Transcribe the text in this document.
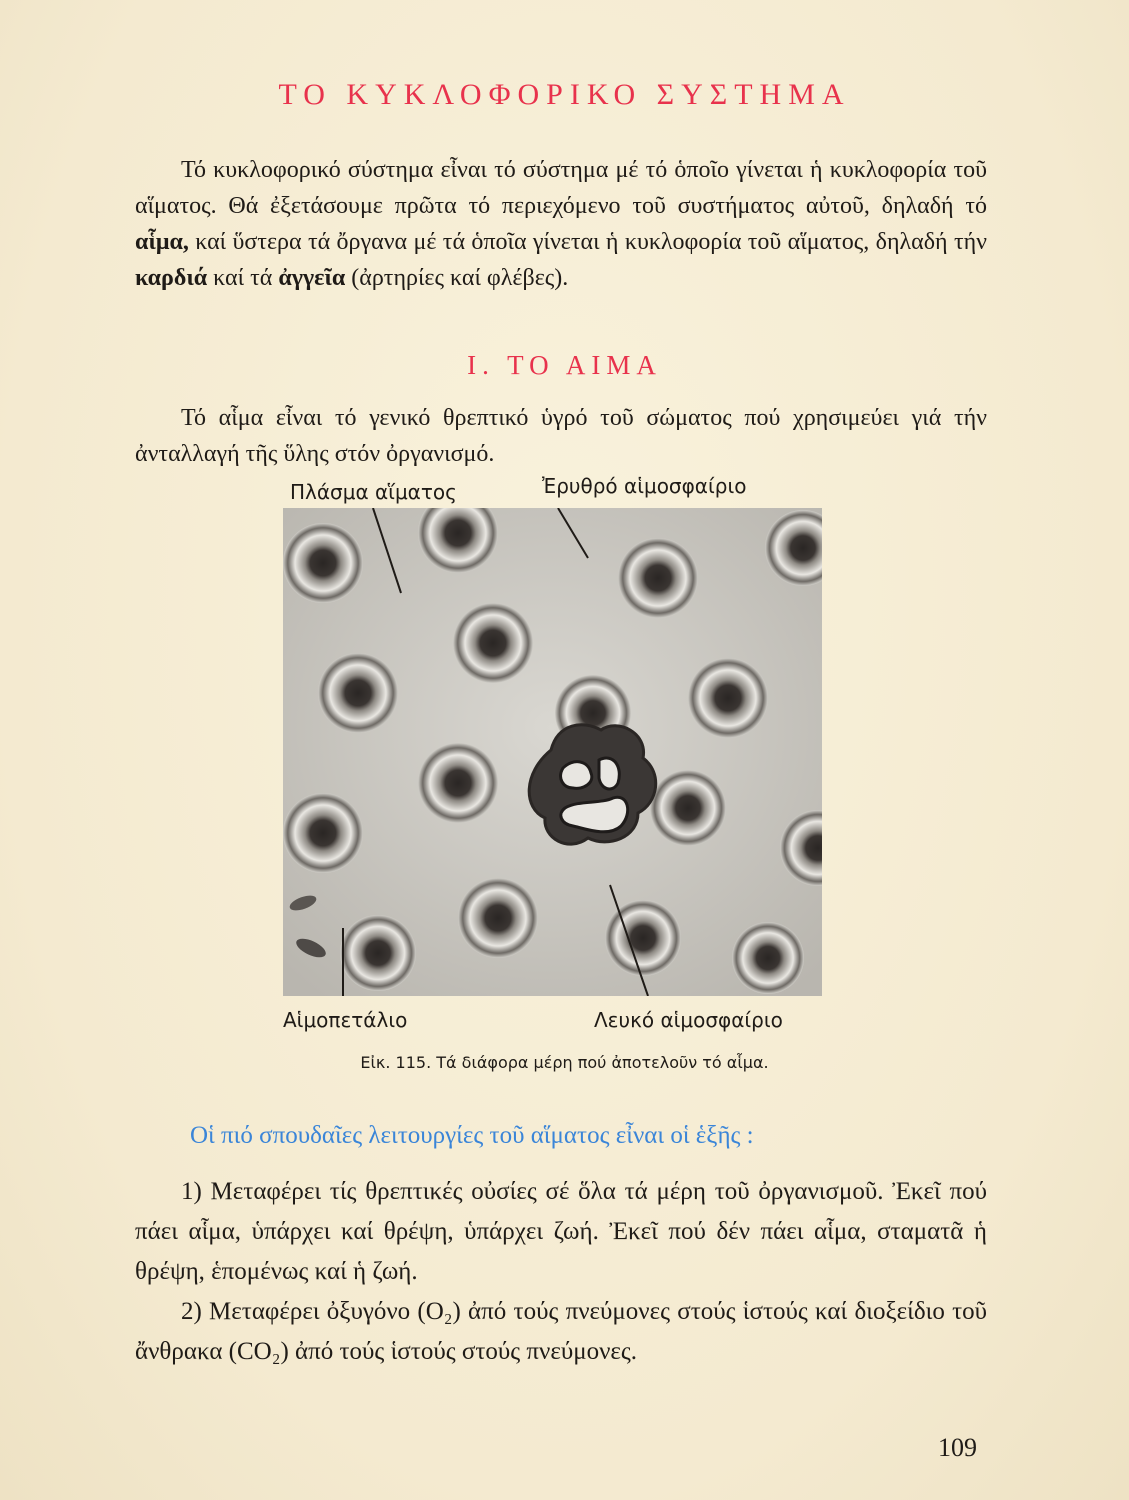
ΤΟ ΚΥΚΛΟΦΟΡΙΚΟ ΣΥΣΤΗΜΑ

Τό κυκλοφορικό σύστημα εἶναι τό σύστημα μέ τό ὁποῖο γίνεται ἡ κυκλοφορία τοῦ αἵματος. Θά ἐξετάσουμε πρῶτα τό περιεχόμενο τοῦ συστήματος αὐτοῦ, δηλαδή τό αἷμα, καί ὕστερα τά ὄργανα μέ τά ὁποῖα γίνεται ἡ κυκλοφορία τοῦ αἵματος, δηλαδή τήν καρδιά καί τά ἀγγεῖα (ἀρτηρίες καί φλέβες).

Ι. ΤΟ ΑΙΜΑ

Τό αἷμα εἶναι τό γενικό θρεπτικό ὑγρό τοῦ σώματος πού χρησιμεύει γιά τήν ἀνταλλαγή τῆς ὕλης στόν ὀργανισμό.

Πλάσμα αἵματος	Ἐρυθρό αἱμοσφαίριο
Αἱμοπετάλιο	Λευκό αἱμοσφαίριο
Εἰκ. 115. Τά διάφορα μέρη πού ἀποτελοῦν τό αἷμα.
Οἱ πιό σπουδαῖες λειτουργίες τοῦ αἵματος εἶναι οἱ ἑξῆς :

1) Μεταφέρει τίς θρεπτικές οὐσίες σέ ὅλα τά μέρη τοῦ ὀργανισμοῦ. Ἐκεῖ πού πάει αἷμα, ὑπάρχει καί θρέψη, ὑπάρχει ζωή. Ἐκεῖ πού δέν πάει αἷμα, σταματᾶ ἡ θρέψη, ἑπομένως καί ἡ ζωή.

2) Μεταφέρει ὀξυγόνο (O₂) ἀπό τούς πνεύμονες στούς ἱστούς καί διοξείδιο τοῦ ἄνθρακα (CO₂) ἀπό τούς ἱστούς στούς πνεύμονες.

109
